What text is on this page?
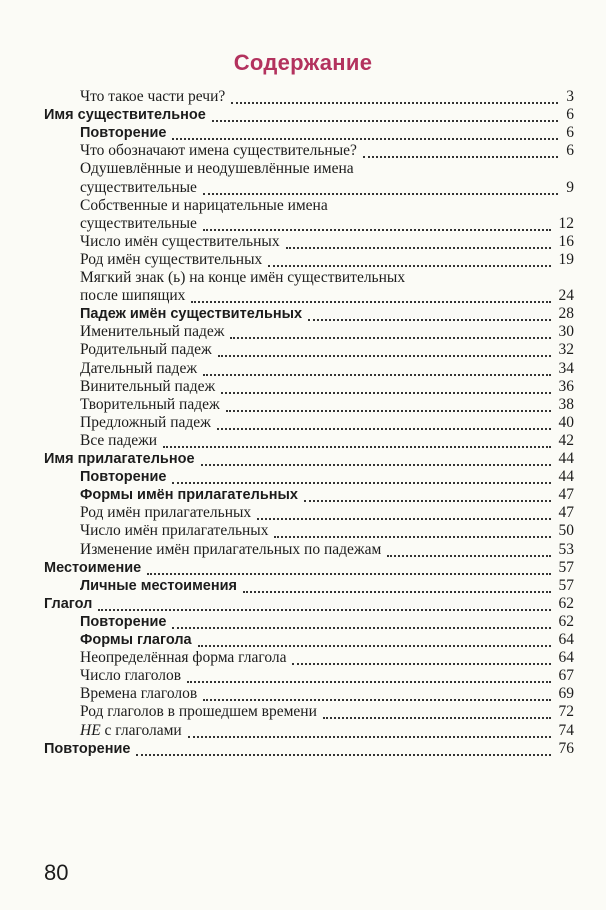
Содержание
Что такое части речи?	3
Имя существительное	6
Повторение	6
Что обозначают имена существительные?	6
Одушевлённые и неодушевлённые имена
существительные	9
Собственные и нарицательные имена
существительные	12
Число имён существительных	16
Род имён существительных	19
Мягкий знак (ь) на конце имён существительных
после шипящих	24
Падеж имён существительных	28
Именительный падеж	30
Родительный падеж	32
Дательный падеж	34
Винительный падеж	36
Творительный падеж	38
Предложный падеж	40
Все падежи	42
Имя прилагательное	44
Повторение	44
Формы имён прилагательных	47
Род имён прилагательных	47
Число имён прилагательных	50
Изменение имён прилагательных по падежам	53
Местоимение	57
Личные местоимения	57
Глагол	62
Повторение	62
Формы глагола	64
Неопределённая форма глагола	64
Число глаголов	67
Времена глаголов	69
Род глаголов в прошедшем времени	72
НЕ с глаголами	74
Повторение	76
80
